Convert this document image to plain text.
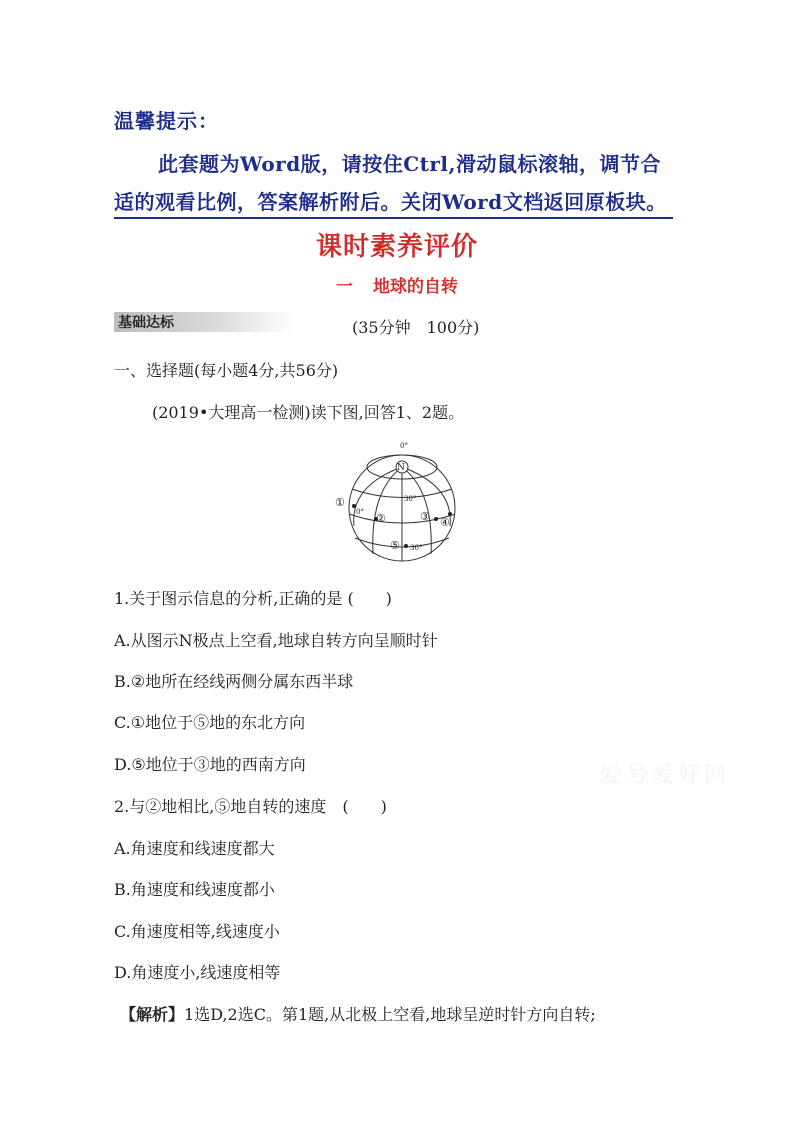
温馨提示：
此套题为Word版，请按住Ctrl,滑动鼠标滚轴，调节合
适的观看比例，答案解析附后。关闭Word文档返回原板块。
课时素养评价
一 地球的自转
基础达标	(35分钟　100分)
一、选择题(每小题4分,共56分)
(2019•大理高一检测)读下图,回答1、2题。
N
0°
0°
30°
30°
①
②	③ ④
⑤
1.关于图示信息的分析,正确的是 (　　)
A.从图示N极点上空看,地球自转方向呈顺时针
B.②地所在经线两侧分属东西半球
C.①地位于⑤地的东北方向
D.⑤地位于③地的西南方向
2.与②地相比,⑤地自转的速度　(　　)
A.角速度和线速度都大
B.角速度和线速度都小
C.角速度相等,线速度小
D.角速度小,线速度相等
【解析】1选D,2选C。第1题,从北极上空看,地球呈逆时针方向自转;
爱号爱好网
